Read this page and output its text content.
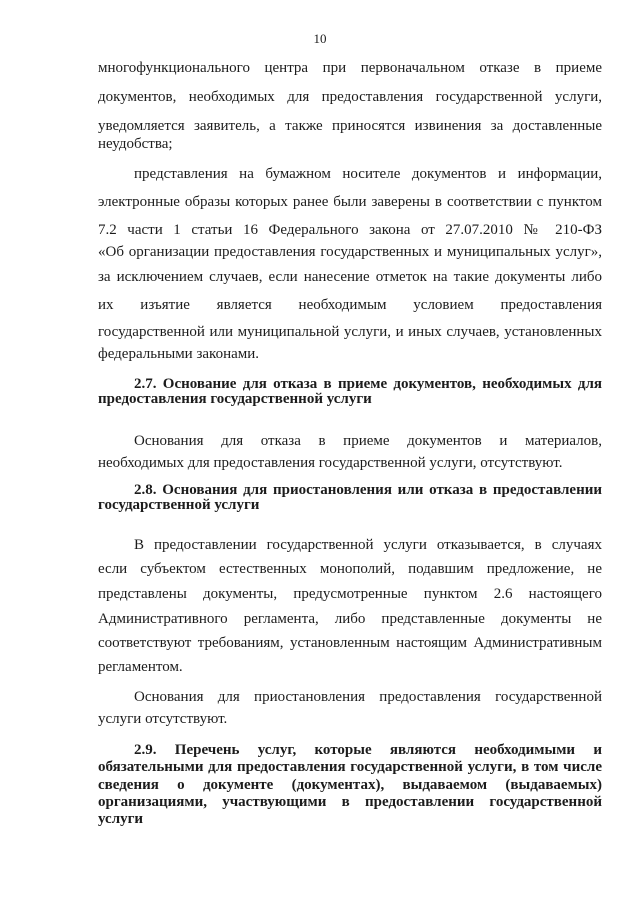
10

многофункционального центра при первоначальном отказе в приеме

документов, необходимых для предоставления государственной услуги,

уведомляется заявитель, а также приносятся извинения за доставленные

неудобства;

представления на бумажном носителе документов и информации,

электронные образы которых ранее были заверены в соответствии с пунктом

7.2 части 1 статьи 16 Федерального закона от 27.07.2010 № 210-ФЗ

«Об организации предоставления государственных и муниципальных услуг»,

за исключением случаев, если нанесение отметок на такие документы либо

их изъятие является необходимым условием предоставления

государственной или муниципальной услуги, и иных случаев, установленных

федеральными законами.

2.7. Основание для отказа в приеме документов, необходимых для

предоставления государственной услуги

Основания для отказа в приеме документов и материалов,

необходимых для предоставления государственной услуги, отсутствуют.

2.8. Основания для приостановления или отказа в предоставлении

государственной услуги

В предоставлении государственной услуги отказывается, в случаях

если субъектом естественных монополий, подавшим предложение, не

представлены документы, предусмотренные пунктом 2.6 настоящего

Административного регламента, либо представленные документы не

соответствуют требованиям, установленным настоящим Административным

регламентом.

Основания для приостановления предоставления государственной

услуги отсутствуют.

2.9. Перечень услуг, которые являются необходимыми и

обязательными для предоставления государственной услуги, в том числе

сведения о документе (документах), выдаваемом (выдаваемых)

организациями, участвующими в предоставлении государственной

услуги
